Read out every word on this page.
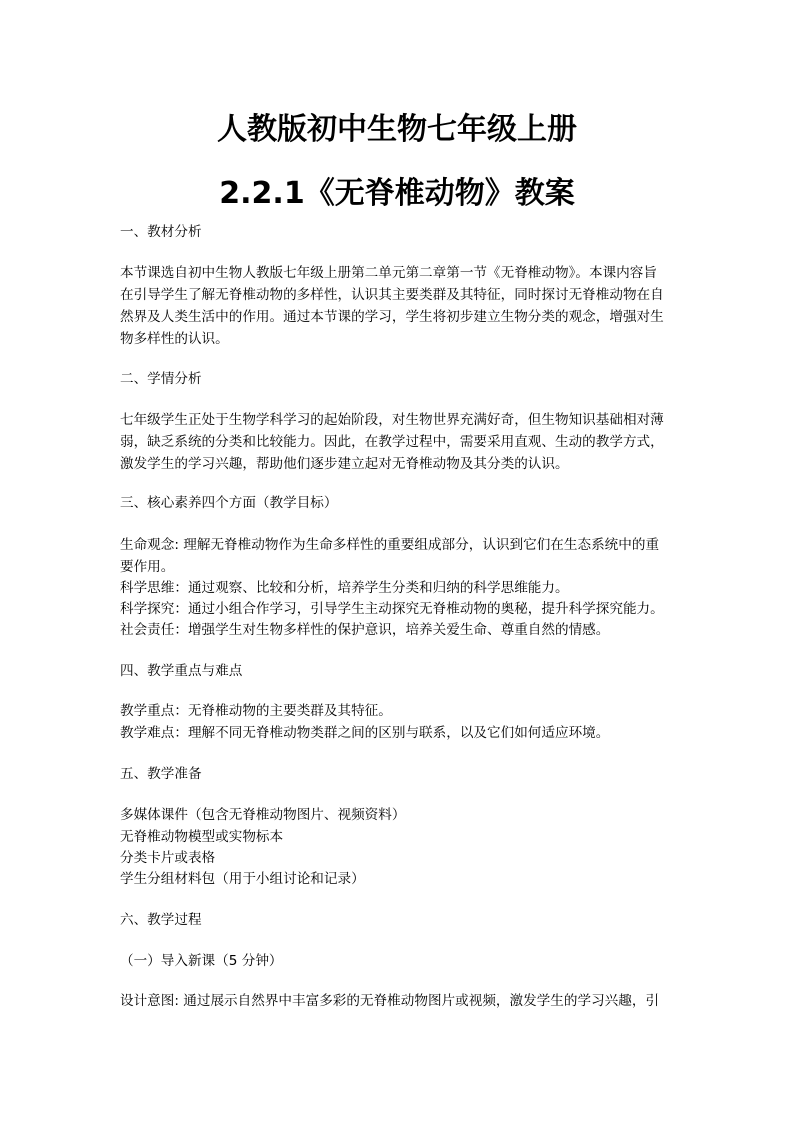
人教版初中生物七年级上册
2.2.1《无脊椎动物》教案
一、教材分析
本节课选自初中生物人教版七年级上册第二单元第二章第一节《无脊椎动物》。本课内容旨
在引导学生了解无脊椎动物的多样性，认识其主要类群及其特征，同时探讨无脊椎动物在自
然界及人类生活中的作用。通过本节课的学习，学生将初步建立生物分类的观念，增强对生
物多样性的认识。
二、学情分析
七年级学生正处于生物学科学习的起始阶段，对生物世界充满好奇，但生物知识基础相对薄
弱，缺乏系统的分类和比较能力。因此，在教学过程中，需要采用直观、生动的教学方式，
激发学生的学习兴趣，帮助他们逐步建立起对无脊椎动物及其分类的认识。
三、核心素养四个方面（教学目标）
生命观念: 理解无脊椎动物作为生命多样性的重要组成部分，认识到它们在生态系统中的重
要作用。
科学思维：通过观察、比较和分析，培养学生分类和归纳的科学思维能力。
科学探究：通过小组合作学习，引导学生主动探究无脊椎动物的奥秘，提升科学探究能力。
社会责任：增强学生对生物多样性的保护意识，培养关爱生命、尊重自然的情感。
四、教学重点与难点
教学重点：无脊椎动物的主要类群及其特征。
教学难点：理解不同无脊椎动物类群之间的区别与联系，以及它们如何适应环境。
五、教学准备
多媒体课件（包含无脊椎动物图片、视频资料）
无脊椎动物模型或实物标本
分类卡片或表格
学生分组材料包（用于小组讨论和记录）
六、教学过程
（一）导入新课（5 分钟）
设计意图: 通过展示自然界中丰富多彩的无脊椎动物图片或视频，激发学生的学习兴趣，引
